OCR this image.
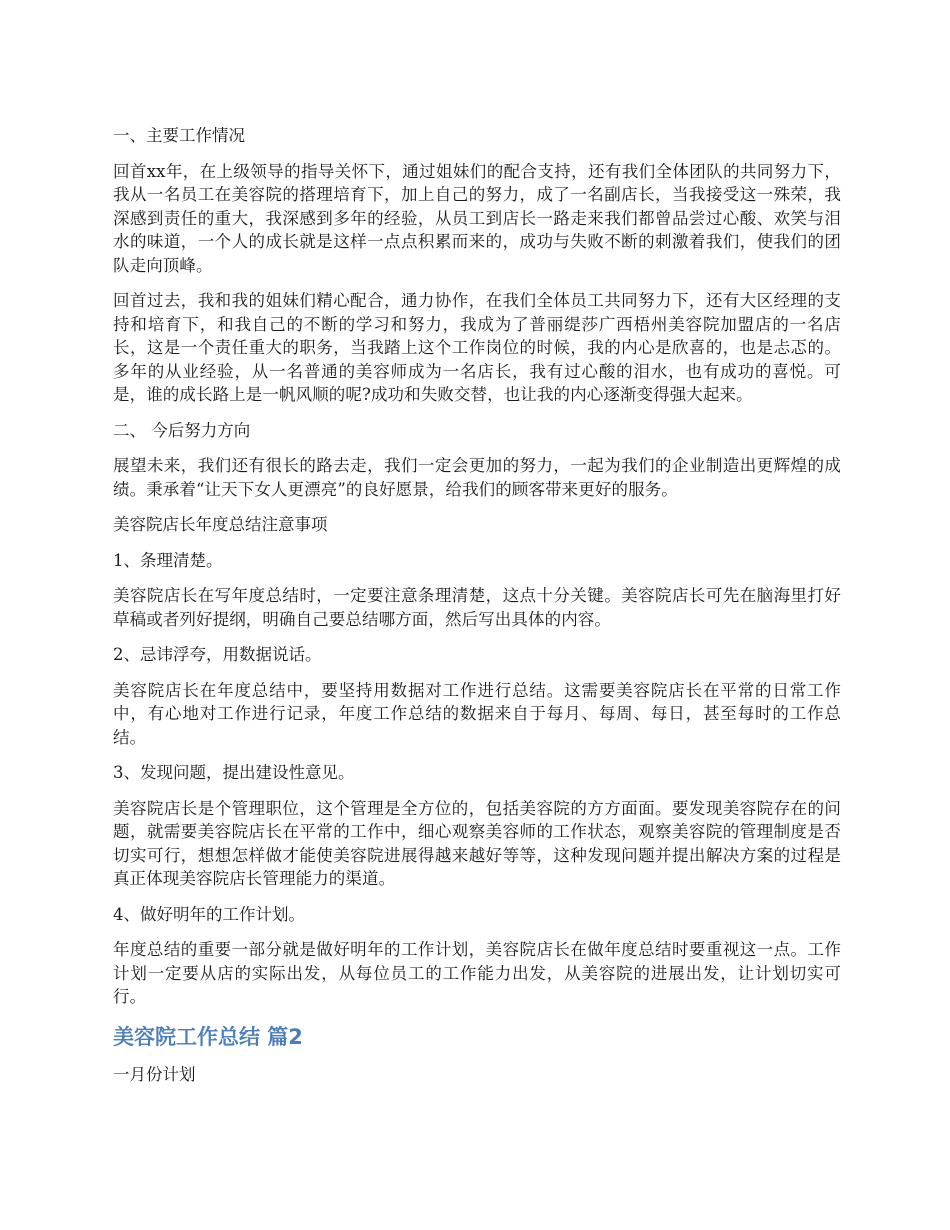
一、主要工作情况

回首xx年，在上级领导的指导关怀下，通过姐妹们的配合支持，还有我们全体团队的共同努力下，我从一名员工在美容院的搭理培育下，加上自己的努力，成了一名副店长，当我接受这一殊荣，我深感到责任的重大，我深感到多年的经验，从员工到店长一路走来我们都曾品尝过心酸、欢笑与泪水的味道，一个人的成长就是这样一点点积累而来的，成功与失败不断的刺激着我们，使我们的团队走向顶峰。

回首过去，我和我的姐妹们精心配合，通力协作，在我们全体员工共同努力下，还有大区经理的支持和培育下，和我自己的不断的学习和努力，我成为了普丽缇莎广西梧州美容院加盟店的一名店长，这是一个责任重大的职务，当我踏上这个工作岗位的时候，我的内心是欣喜的，也是忐忑的。多年的从业经验，从一名普通的美容师成为一名店长，我有过心酸的泪水，也有成功的喜悦。可是，谁的成长路上是一帆风顺的呢?成功和失败交替，也让我的内心逐渐变得强大起来。

二、 今后努力方向

展望未来，我们还有很长的路去走，我们一定会更加的努力，一起为我们的企业制造出更辉煌的成绩。秉承着“让天下女人更漂亮”的良好愿景，给我们的顾客带来更好的服务。

美容院店长年度总结注意事项
1、条理清楚。

美容院店长在写年度总结时，一定要注意条理清楚，这点十分关键。美容院店长可先在脑海里打好草稿或者列好提纲，明确自己要总结哪方面，然后写出具体的内容。

2、忌讳浮夸，用数据说话。

美容院店长在年度总结中，要坚持用数据对工作进行总结。这需要美容院店长在平常的日常工作中，有心地对工作进行记录，年度工作总结的数据来自于每月、每周、每日，甚至每时的工作总结。

3、发现问题，提出建设性意见。

美容院店长是个管理职位，这个管理是全方位的，包括美容院的方方面面。要发现美容院存在的问题，就需要美容院店长在平常的工作中，细心观察美容师的工作状态，观察美容院的管理制度是否切实可行，想想怎样做才能使美容院进展得越来越好等等，这种发现问题并提出解决方案的过程是真正体现美容院店长管理能力的渠道。

4、做好明年的工作计划。

年度总结的重要一部分就是做好明年的工作计划，美容院店长在做年度总结时要重视这一点。工作计划一定要从店的实际出发，从每位员工的工作能力出发，从美容院的进展出发，让计划切实可行。

美容院工作总结 篇2
一月份计划
